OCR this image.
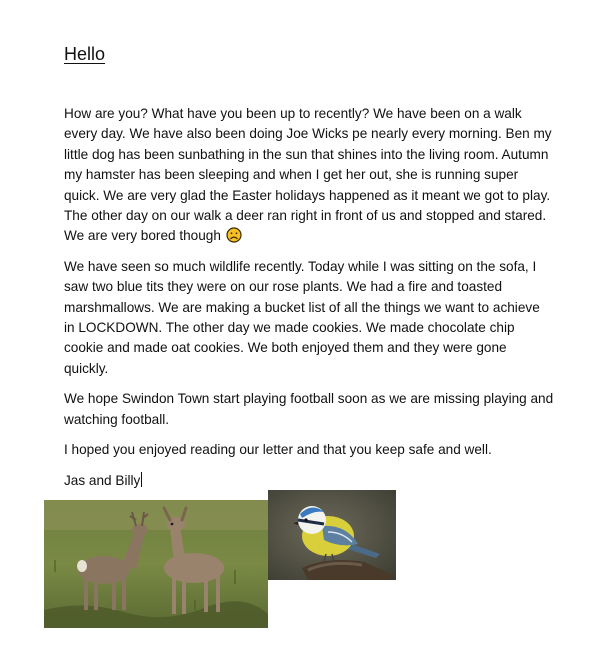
Hello

How are you? What have you been up to recently? We have been on a walk every day. We have also been doing Joe Wicks pe nearly every morning. Ben my little dog has been sunbathing in the sun that shines into the living room. Autumn my hamster has been sleeping and when I get her out, she is running super quick. We are very glad the Easter holidays happened as it meant we got to play. The other day on our walk a deer ran right in front of us and stopped and stared. We are very bored though

We have seen so much wildlife recently. Today while I was sitting on the sofa, I saw two blue tits they were on our rose plants. We had a fire and toasted marshmallows. We are making a bucket list of all the things we want to achieve in LOCKDOWN. The other day we made cookies. We made chocolate chip cookie and made oat cookies. We both enjoyed them and they were gone quickly.

We hope Swindon Town start playing football soon as we are missing playing and watching football.

I hoped you enjoyed reading our letter and that you keep safe and well.

Jas and Billy
